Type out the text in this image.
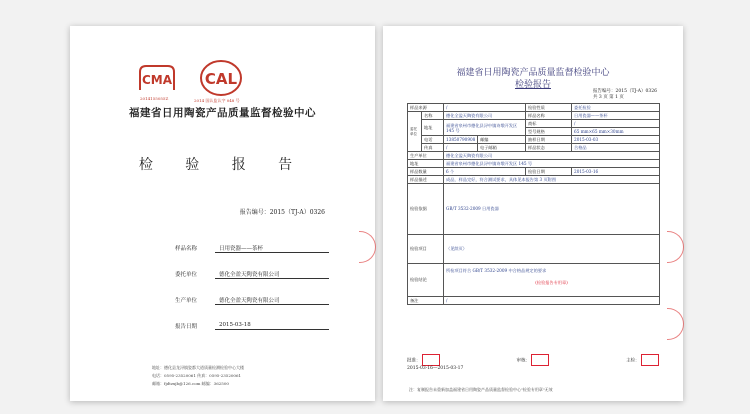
CMA
2014155055Z
CAL
2014 国认监认字 048 号
福建省日用陶瓷产品质量监督检验中心
检 验 报 告
报告编号：2015（TJ-A）0326
样品名称	日用瓷器——茶杯
委托单位	德化全盈天陶瓷有限公司
生产单位	德化全盈天陶瓷有限公司
报告日期	2015-03-18
地址：德化县龙浔镇瓷都大道质量检测检验中心大楼
电话：0595-23520061 传真：0595-23520061
邮箱：fjdtzxjb@126.com 邮编：362500
福建省日用陶瓷产品质量监督检验中心
检验报告
报告编号：2015（TJ-A）0326
共 3 页 第 1 页
样品来源		/		检验性质	委托检验
委托单位	名称	德化全盈天陶瓷有限公司		样品名称	日用瓷器——茶杯
	地址	福建省泉州市德化县浔中镇诗墩开发区 145 号		商标	/
				型号规格	65 mm×65 mm×30mm
	电话	13850790908	邮编	抽样日期	2015-03-03
	传真	/	电子邮箱	样品状态	合格品
生产单位		德化全盈天陶瓷有限公司			
地址		福建省泉州市德化县浔中镇诗墩开发区 145 号			
样品数量		6 个		检验日期	2015-03-16
样品描述		成品，样品完好，符合测试要求，具体见本报告第 3 页附图			
检验依据		GB/T 3532-2009 日用瓷器			
检验项目		（见续页）			
检验结论		所检项目符合 GB/T 3532-2009 中合格品规定的要求
(检验报告专用章)			

备注		/			
批准：	审核：	主检：
2015-03-16—2015-03-17
注：复制报告未重新加盖福建省日用陶瓷产品质量监督检验中心"检验专用章"无效
